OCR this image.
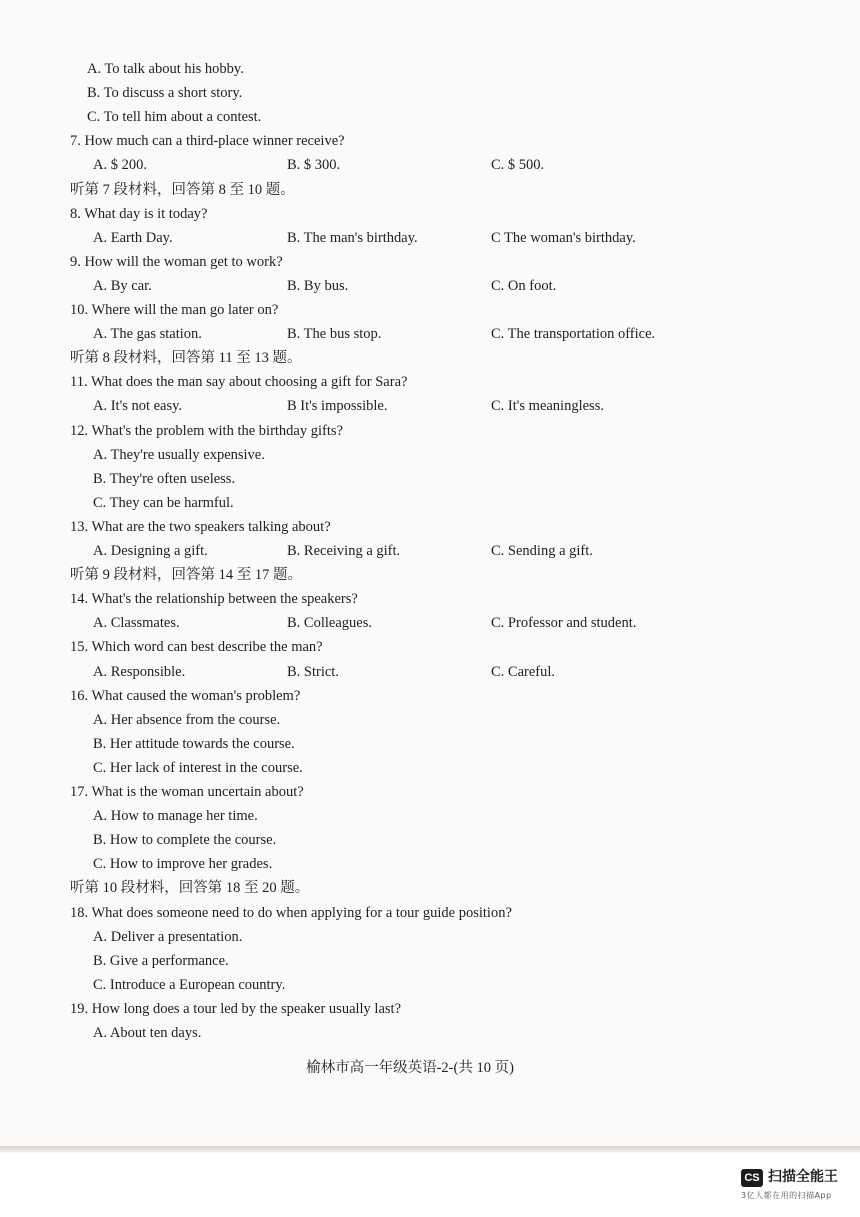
A. To talk about his hobby.
B. To discuss a short story.
C. To tell him about a contest.
7. How much can a third-place winner receive?
A. $ 200.	B. $ 300.	C. $ 500.
听第 7 段材料，回答第 8 至 10 题。
8. What day is it today?
A. Earth Day.	B. The man's birthday.	C The woman's birthday.
9. How will the woman get to work?
A. By car.	B. By bus.	C. On foot.
10. Where will the man go later on?
A. The gas station.	B. The bus stop.	C. The transportation office.
听第 8 段材料，回答第 11 至 13 题。
11. What does the man say about choosing a gift for Sara?
A. It's not easy.	B It's impossible.	C. It's meaningless.
12. What's the problem with the birthday gifts?
A. They're usually expensive.
B. They're often useless.
C. They can be harmful.
13. What are the two speakers talking about?
A. Designing a gift.	B. Receiving a gift.	C. Sending a gift.
听第 9 段材料，回答第 14 至 17 题。
14. What's the relationship between the speakers?
A. Classmates.	B. Colleagues.	C. Professor and student.
15. Which word can best describe the man?
A. Responsible.	B. Strict.	C. Careful.
16. What caused the woman's problem?
A. Her absence from the course.
B. Her attitude towards the course.
C. Her lack of interest in the course.
17. What is the woman uncertain about?
A. How to manage her time.
B. How to complete the course.
C. How to improve her grades.
听第 10 段材料，回答第 18 至 20 题。
18. What does someone need to do when applying for a tour guide position?
A. Deliver a presentation.
B. Give a performance.
C. Introduce a European country.
19. How long does a tour led by the speaker usually last?
A. About ten days.
榆林市高一年级英语-2-(共 10 页)
CS 扫描全能王
3亿人都在用的扫描App
